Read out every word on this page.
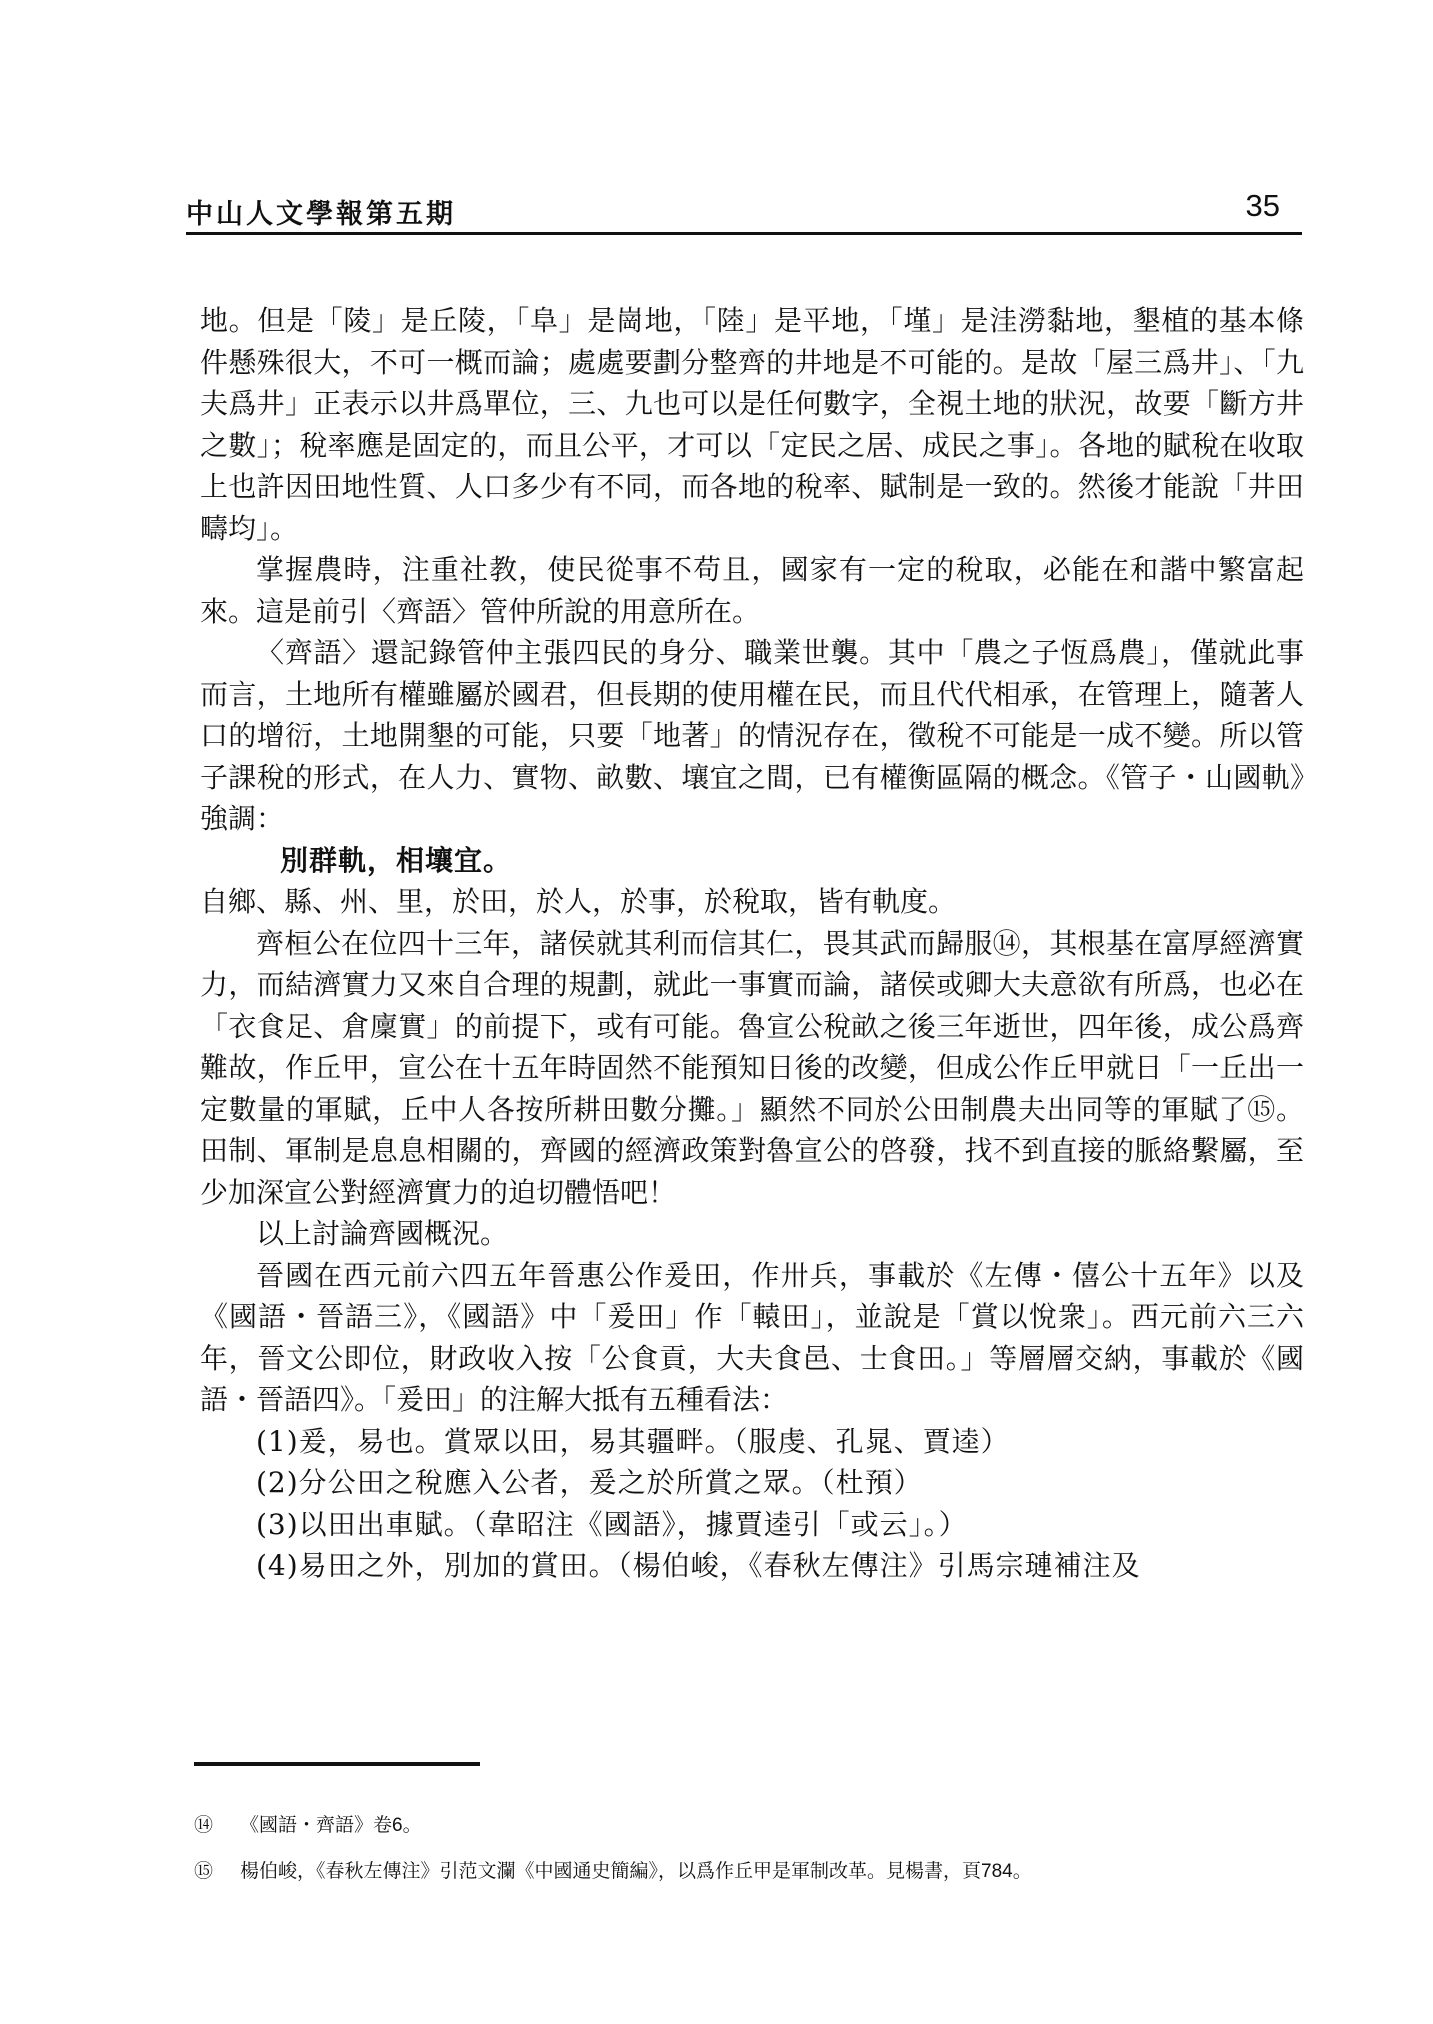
中山人文學報第五期	35

地。但是「陵」是丘陵，「阜」是崗地，「陸」是平地，「墐」是洼澇黏地，墾植的基本條件懸殊很大，不可一概而論；處處要劃分整齊的井地是不可能的。是故「屋三爲井」、「九夫爲井」正表示以井爲單位，三、九也可以是任何數字，全視土地的狀況，故要「斷方井之數」；稅率應是固定的，而且公平，才可以「定民之居、成民之事」。各地的賦稅在收取上也許因田地性質、人口多少有不同，而各地的稅率、賦制是一致的。然後才能說「井田疇均」。

掌握農時，注重社教，使民從事不苟且，國家有一定的稅取，必能在和諧中繁富起來。這是前引〈齊語〉管仲所說的用意所在。

〈齊語〉還記錄管仲主張四民的身分、職業世襲。其中「農之子恆爲農」，僅就此事而言，土地所有權雖屬於國君，但長期的使用權在民，而且代代相承，在管理上，隨著人口的增衍，土地開墾的可能，只要「地著」的情況存在，徵稅不可能是一成不變。所以管子課稅的形式，在人力、實物、畝數、壤宜之間，已有權衡區隔的概念。《管子・山國軌》強調：

別群軌，相壤宜。

自鄉、縣、州、里，於田，於人，於事，於稅取，皆有軌度。

齊桓公在位四十三年，諸侯就其利而信其仁，畏其武而歸服⑭，其根基在富厚經濟實力，而結濟實力又來自合理的規劃，就此一事實而論，諸侯或卿大夫意欲有所爲，也必在「衣食足、倉廩實」的前提下，或有可能。魯宣公稅畝之後三年逝世，四年後，成公爲齊難故，作丘甲，宣公在十五年時固然不能預知日後的改變，但成公作丘甲就日「一丘出一定數量的軍賦，丘中人各按所耕田數分攤。」顯然不同於公田制農夫出同等的軍賦了⑮。田制、軍制是息息相關的，齊國的經濟政策對魯宣公的啓發，找不到直接的脈絡繫屬，至少加深宣公對經濟實力的迫切體悟吧！

以上討論齊國概況。

晉國在西元前六四五年晉惠公作爰田，作卅兵，事載於《左傳・僖公十五年》以及《國語・晉語三》，《國語》中「爰田」作「轅田」，並說是「賞以悅衆」。西元前六三六年，晉文公即位，財政收入按「公食貢，大夫食邑、士食田。」等層層交納，事載於《國語・晉語四》。「爰田」的注解大抵有五種看法：

(1)爰，易也。賞眾以田，易其疆畔。（服虔、孔晁、賈逵）

(2)分公田之稅應入公者，爰之於所賞之眾。（杜預）

(3)以田出車賦。（韋昭注《國語》，據賈逵引「或云」。）

(4)易田之外，別加的賞田。（楊伯峻，《春秋左傳注》引馬宗璉補注及

⑭ 《國語・齊語》卷6。
⑮ 楊伯峻，《春秋左傳注》引范文瀾《中國通史簡編》，以爲作丘甲是軍制改革。見楊書，頁784。
